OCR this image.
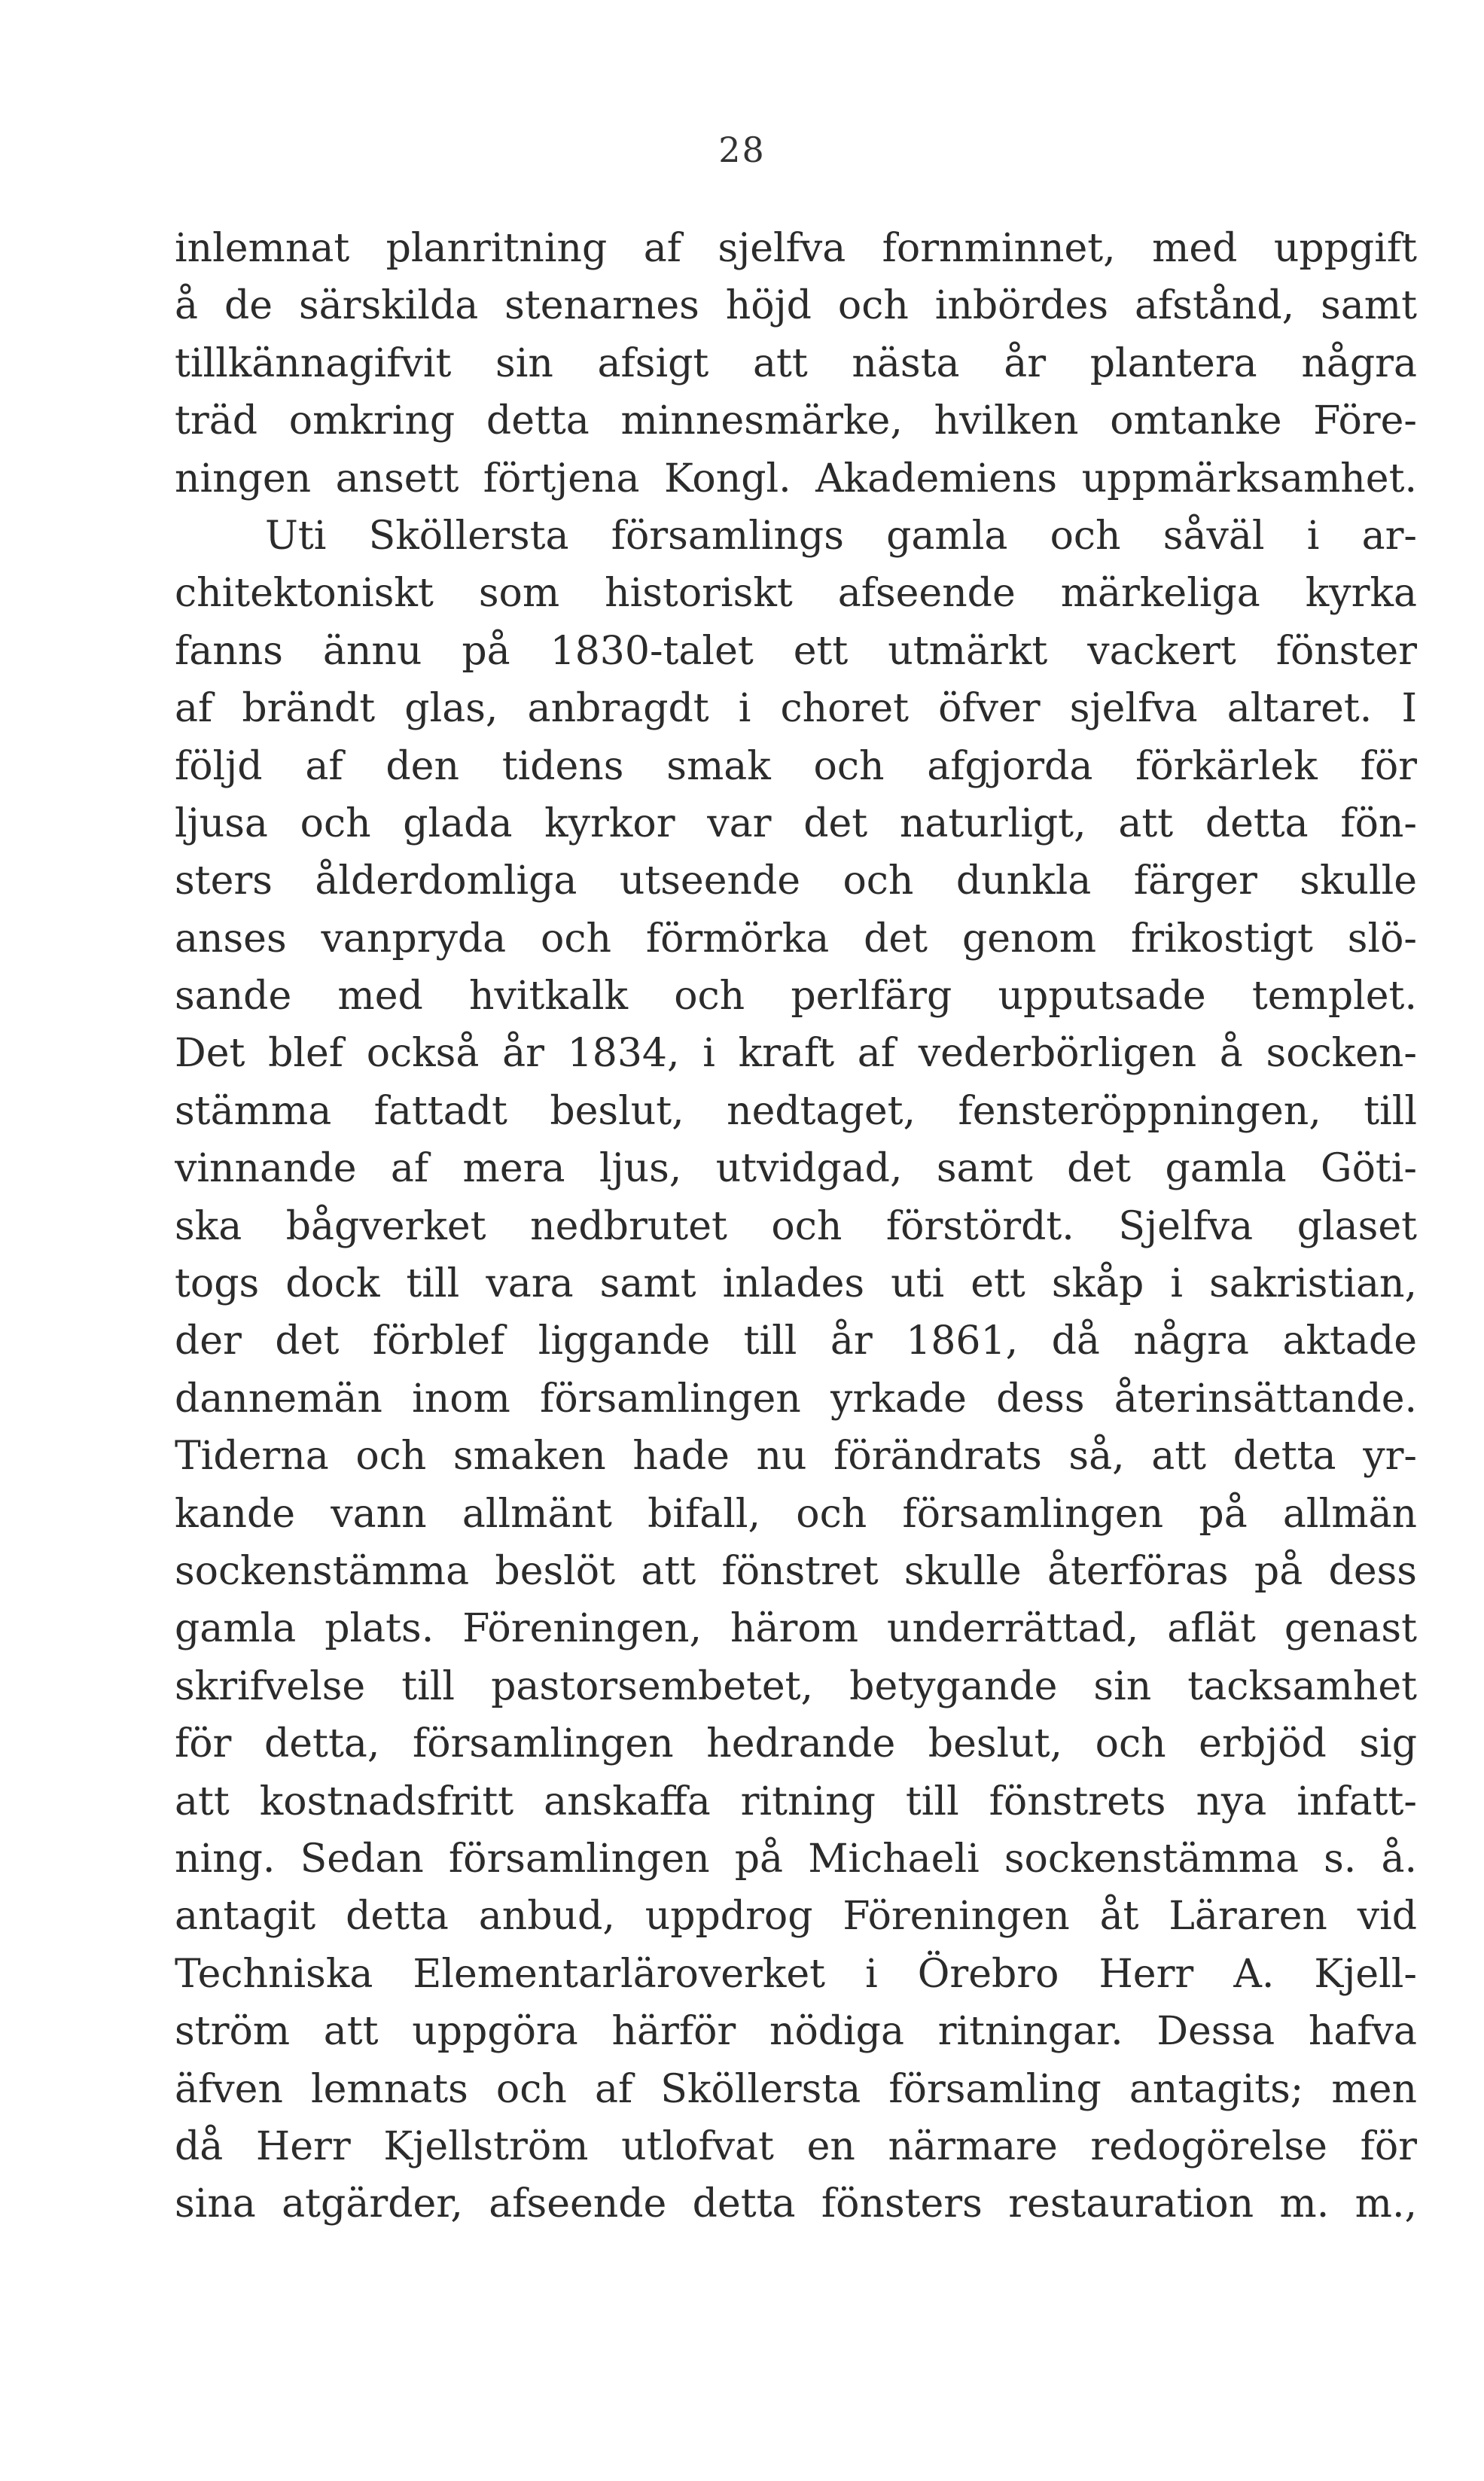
28
inlemnat planritning af sjelfva fornminnet, med uppgift
å de särskilda stenarnes höjd och inbördes afstånd, samt
tillkännagifvit sin afsigt att nästa år plantera några
träd omkring detta minnesmärke, hvilken omtanke Före-
ningen ansett förtjena Kongl. Akademiens uppmärksamhet.
Uti Sköllersta församlings gamla och såväl i ar-
chitektoniskt som historiskt afseende märkeliga kyrka
fanns ännu på 1830-talet ett utmärkt vackert fönster
af brändt glas, anbragdt i choret öfver sjelfva altaret. I
följd af den tidens smak och afgjorda förkärlek för
ljusa och glada kyrkor var det naturligt, att detta fön-
sters ålderdomliga utseende och dunkla färger skulle
anses vanpryda och förmörka det genom frikostigt slö-
sande med hvitkalk och perlfärg upputsade templet.
Det blef också år 1834, i kraft af vederbörligen å socken-
stämma fattadt beslut, nedtaget, fensteröppningen, till
vinnande af mera ljus, utvidgad, samt det gamla Göti-
ska bågverket nedbrutet och förstördt. Sjelfva glaset
togs dock till vara samt inlades uti ett skåp i sakristian,
der det förblef liggande till år 1861, då några aktade
dannemän inom församlingen yrkade dess återinsättande.
Tiderna och smaken hade nu förändrats så, att detta yr-
kande vann allmänt bifall, och församlingen på allmän
sockenstämma beslöt att fönstret skulle återföras på dess
gamla plats. Föreningen, härom underrättad, aflät genast
skrifvelse till pastorsembetet, betygande sin tacksamhet
för detta, församlingen hedrande beslut, och erbjöd sig
att kostnadsfritt anskaffa ritning till fönstrets nya infatt-
ning. Sedan församlingen på Michaeli sockenstämma s. å.
antagit detta anbud, uppdrog Föreningen åt Läraren vid
Techniska Elementarläroverket i Örebro Herr A. Kjell-
ström att uppgöra härför nödiga ritningar. Dessa hafva
äfven lemnats och af Sköllersta församling antagits; men
då Herr Kjellström utlofvat en närmare redogörelse för
sina atgärder, afseende detta fönsters restauration m. m.,
